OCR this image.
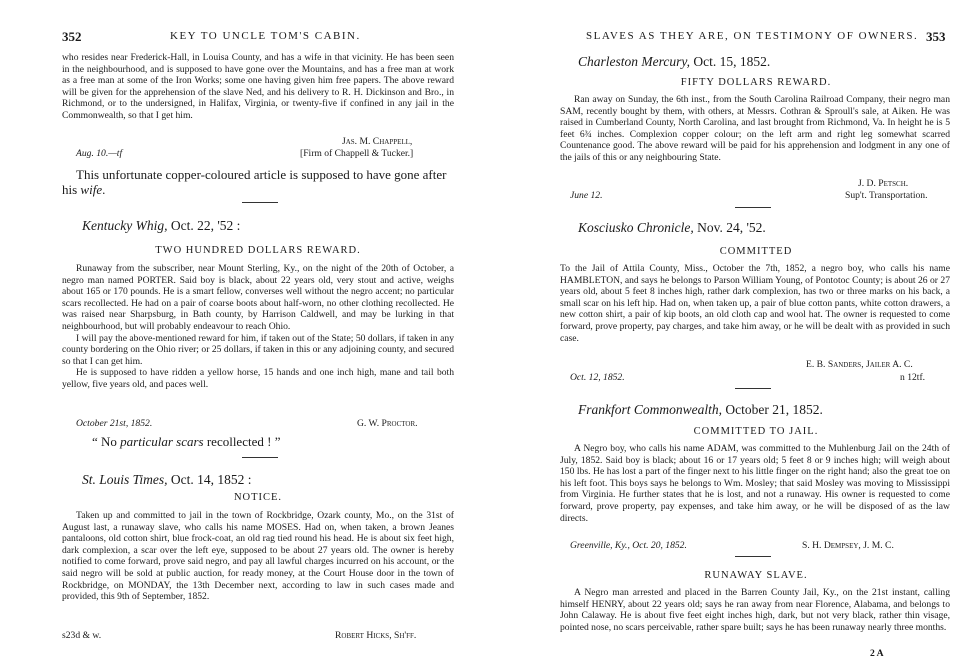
352	KEY TO UNCLE TOM'S CABIN.

who resides near Frederick-Hall, in Louisa County, and has a wife in that vicinity. He has been seen in the neighbourhood, and is supposed to have gone over the Mountains, and has a free man at work as a free man at some of the Iron Works; some one having given him free papers. The above reward will be given for the apprehension of the slave Ned, and his delivery to R. H. Dickinson and Bro., in Richmond, or to the undersigned, in Halifax, Virginia, or twenty-five if confined in any jail in the Commonwealth, so that I get him.

Jas. M. Chappell,
Aug. 10.—tf	[Firm of Chappell & Tucker.]

This unfortunate copper-coloured article is supposed to have gone after his wife.

Kentucky Whig, Oct. 22, '52 :
TWO HUNDRED DOLLARS REWARD.

Runaway from the subscriber, near Mount Sterling, Ky., on the night of the 20th of October, a negro man named PORTER. Said boy is black, about 22 years old, very stout and active, weighs about 165 or 170 pounds. He is a smart fellow, converses well without the negro accent; no particular scars recollected. He had on a pair of coarse boots about half-worn, no other clothing recollected. He was raised near Sharpsburg, in Bath county, by Harrison Caldwell, and may be lurking in that neighbourhood, but will probably endeavour to reach Ohio.

I will pay the above-mentioned reward for him, if taken out of the State; 50 dollars, if taken in any county bordering on the Ohio river; or 25 dollars, if taken in this or any adjoining county, and secured so that I can get him.

He is supposed to have ridden a yellow horse, 15 hands and one inch high, mane and tail both yellow, five years old, and paces well.

October 21st, 1852.	G. W. Proctor.
“ No particular scars recollected ! ”
St. Louis Times, Oct. 14, 1852 :
NOTICE.

Taken up and committed to jail in the town of Rockbridge, Ozark county, Mo., on the 31st of August last, a runaway slave, who calls his name MOSES. Had on, when taken, a brown Jeanes pantaloons, old cotton shirt, blue frock-coat, an old rag tied round his head. He is about six feet high, dark complexion, a scar over the left eye, supposed to be about 27 years old. The owner is hereby notified to come forward, prove said negro, and pay all lawful charges incurred on his account, or the said negro will be sold at public auction, for ready money, at the Court House door in the town of Rockbridge, on MONDAY, the 13th December next, according to law in such cases made and provided, this 9th of September, 1852.

s23d & w.	Robert Hicks, Sh'ff.
SLAVES AS THEY ARE, ON TESTIMONY OF OWNERS. 353
Charleston Mercury, Oct. 15, 1852.
FIFTY DOLLARS REWARD.

Ran away on Sunday, the 6th inst., from the South Carolina Railroad Company, their negro man SAM, recently bought by them, with others, at Messrs. Cothran & Sproull's sale, at Aiken. He was raised in Cumberland County, North Carolina, and last brought from Richmond, Va. In height he is 5 feet 6¾ inches. Complexion copper colour; on the left arm and right leg somewhat scarred Countenance good. The above reward will be paid for his apprehension and lodgment in any one of the jails of this or any neighbouring State.

J. D. Petsch.
June 12.	Sup't. Transportation.
Kosciusko Chronicle, Nov. 24, '52.
COMMITTED

To the Jail of Attila County, Miss., October the 7th, 1852, a negro boy, who calls his name HAMBLETON, and says he belongs to Parson William Young, of Pontotoc County; is about 26 or 27 years old, about 5 feet 8 inches high, rather dark complexion, has two or three marks on his back, a small scar on his left hip. Had on, when taken up, a pair of blue cotton pants, white cotton drawers, a new cotton shirt, a pair of kip boots, an old cloth cap and wool hat. The owner is requested to come forward, prove property, pay charges, and take him away, or he will be dealt with as provided in such case.

E. B. Sanders, Jailer A. C.
Oct. 12, 1852.	n 12tf.
Frankfort Commonwealth, October 21, 1852.
COMMITTED TO JAIL.

A Negro boy, who calls his name ADAM, was committed to the Muhlenburg Jail on the 24th of July, 1852. Said boy is black; about 16 or 17 years old; 5 feet 8 or 9 inches high; will weigh about 150 lbs. He has lost a part of the finger next to his little finger on the right hand; also the great toe on his left foot. This boys says he belongs to Wm. Mosley; that said Mosley was moving to Mississippi from Virginia. He further states that he is lost, and not a runaway. His owner is requested to come forward, prove property, pay expenses, and take him away, or he will be disposed of as the law directs.

Greenville, Ky., Oct. 20, 1852.	S. H. Dempsey, J. M. C.
RUNAWAY SLAVE.

A Negro man arrested and placed in the Barren County Jail, Ky., on the 21st instant, calling himself HENRY, about 22 years old; says he ran away from near Florence, Alabama, and belongs to John Calaway. He is about five feet eight inches high, dark, but not very black, rather thin visage, pointed nose, no scars perceivable, rather spare built; says he has been runaway nearly three months.

2 A
